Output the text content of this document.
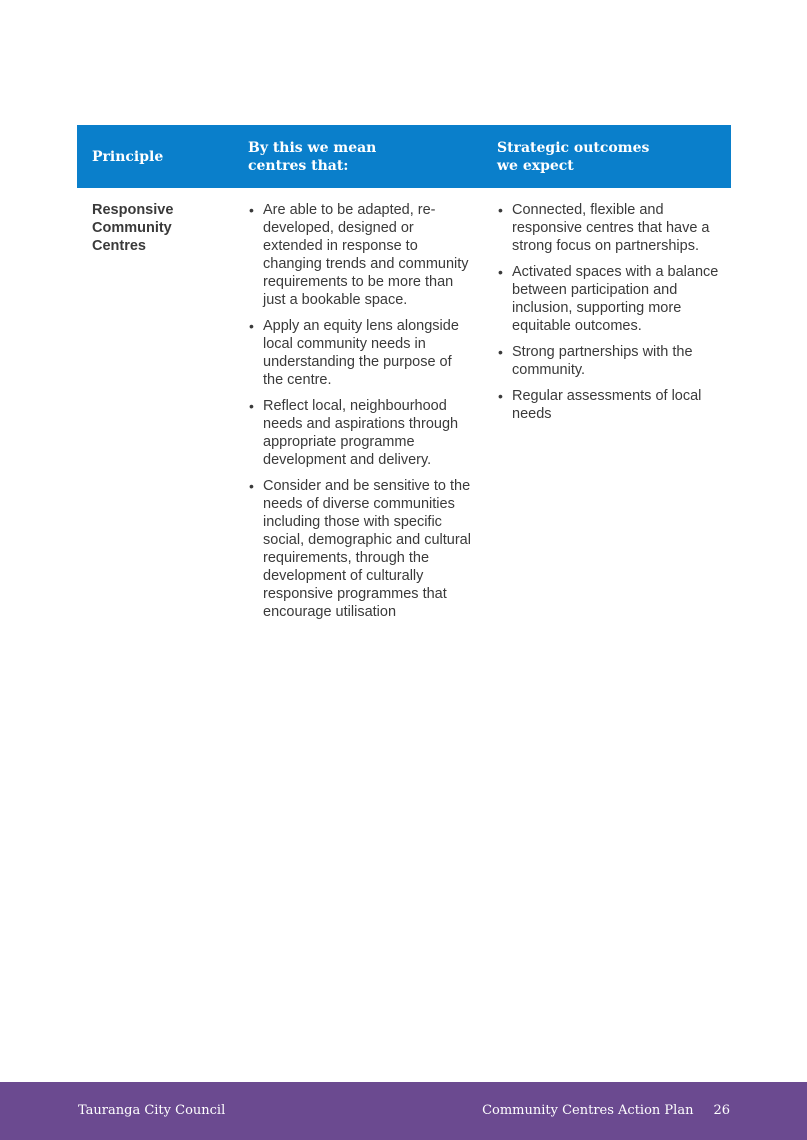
Principle
By this we mean
centres that:
Strategic outcomes
we expect
Responsive
Community
Centres
• Are able to be adapted, re-developed, designed or extended in response to changing trends and community requirements to be more than just a bookable space.
• Apply an equity lens alongside local community needs in understanding the purpose of the centre.
• Reflect local, neighbourhood needs and aspirations through appropriate programme development and delivery.
• Consider and be sensitive to the needs of diverse communities including those with specific social, demographic and cultural requirements, through the development of culturally responsive programmes that encourage utilisation
• Connected, flexible and responsive centres that have a strong focus on partnerships.
• Activated spaces with a balance between participation and inclusion, supporting more equitable outcomes.
• Strong partnerships with the community.
• Regular assessments of local needs
Tauranga City Council	Community Centres Action Plan 26
